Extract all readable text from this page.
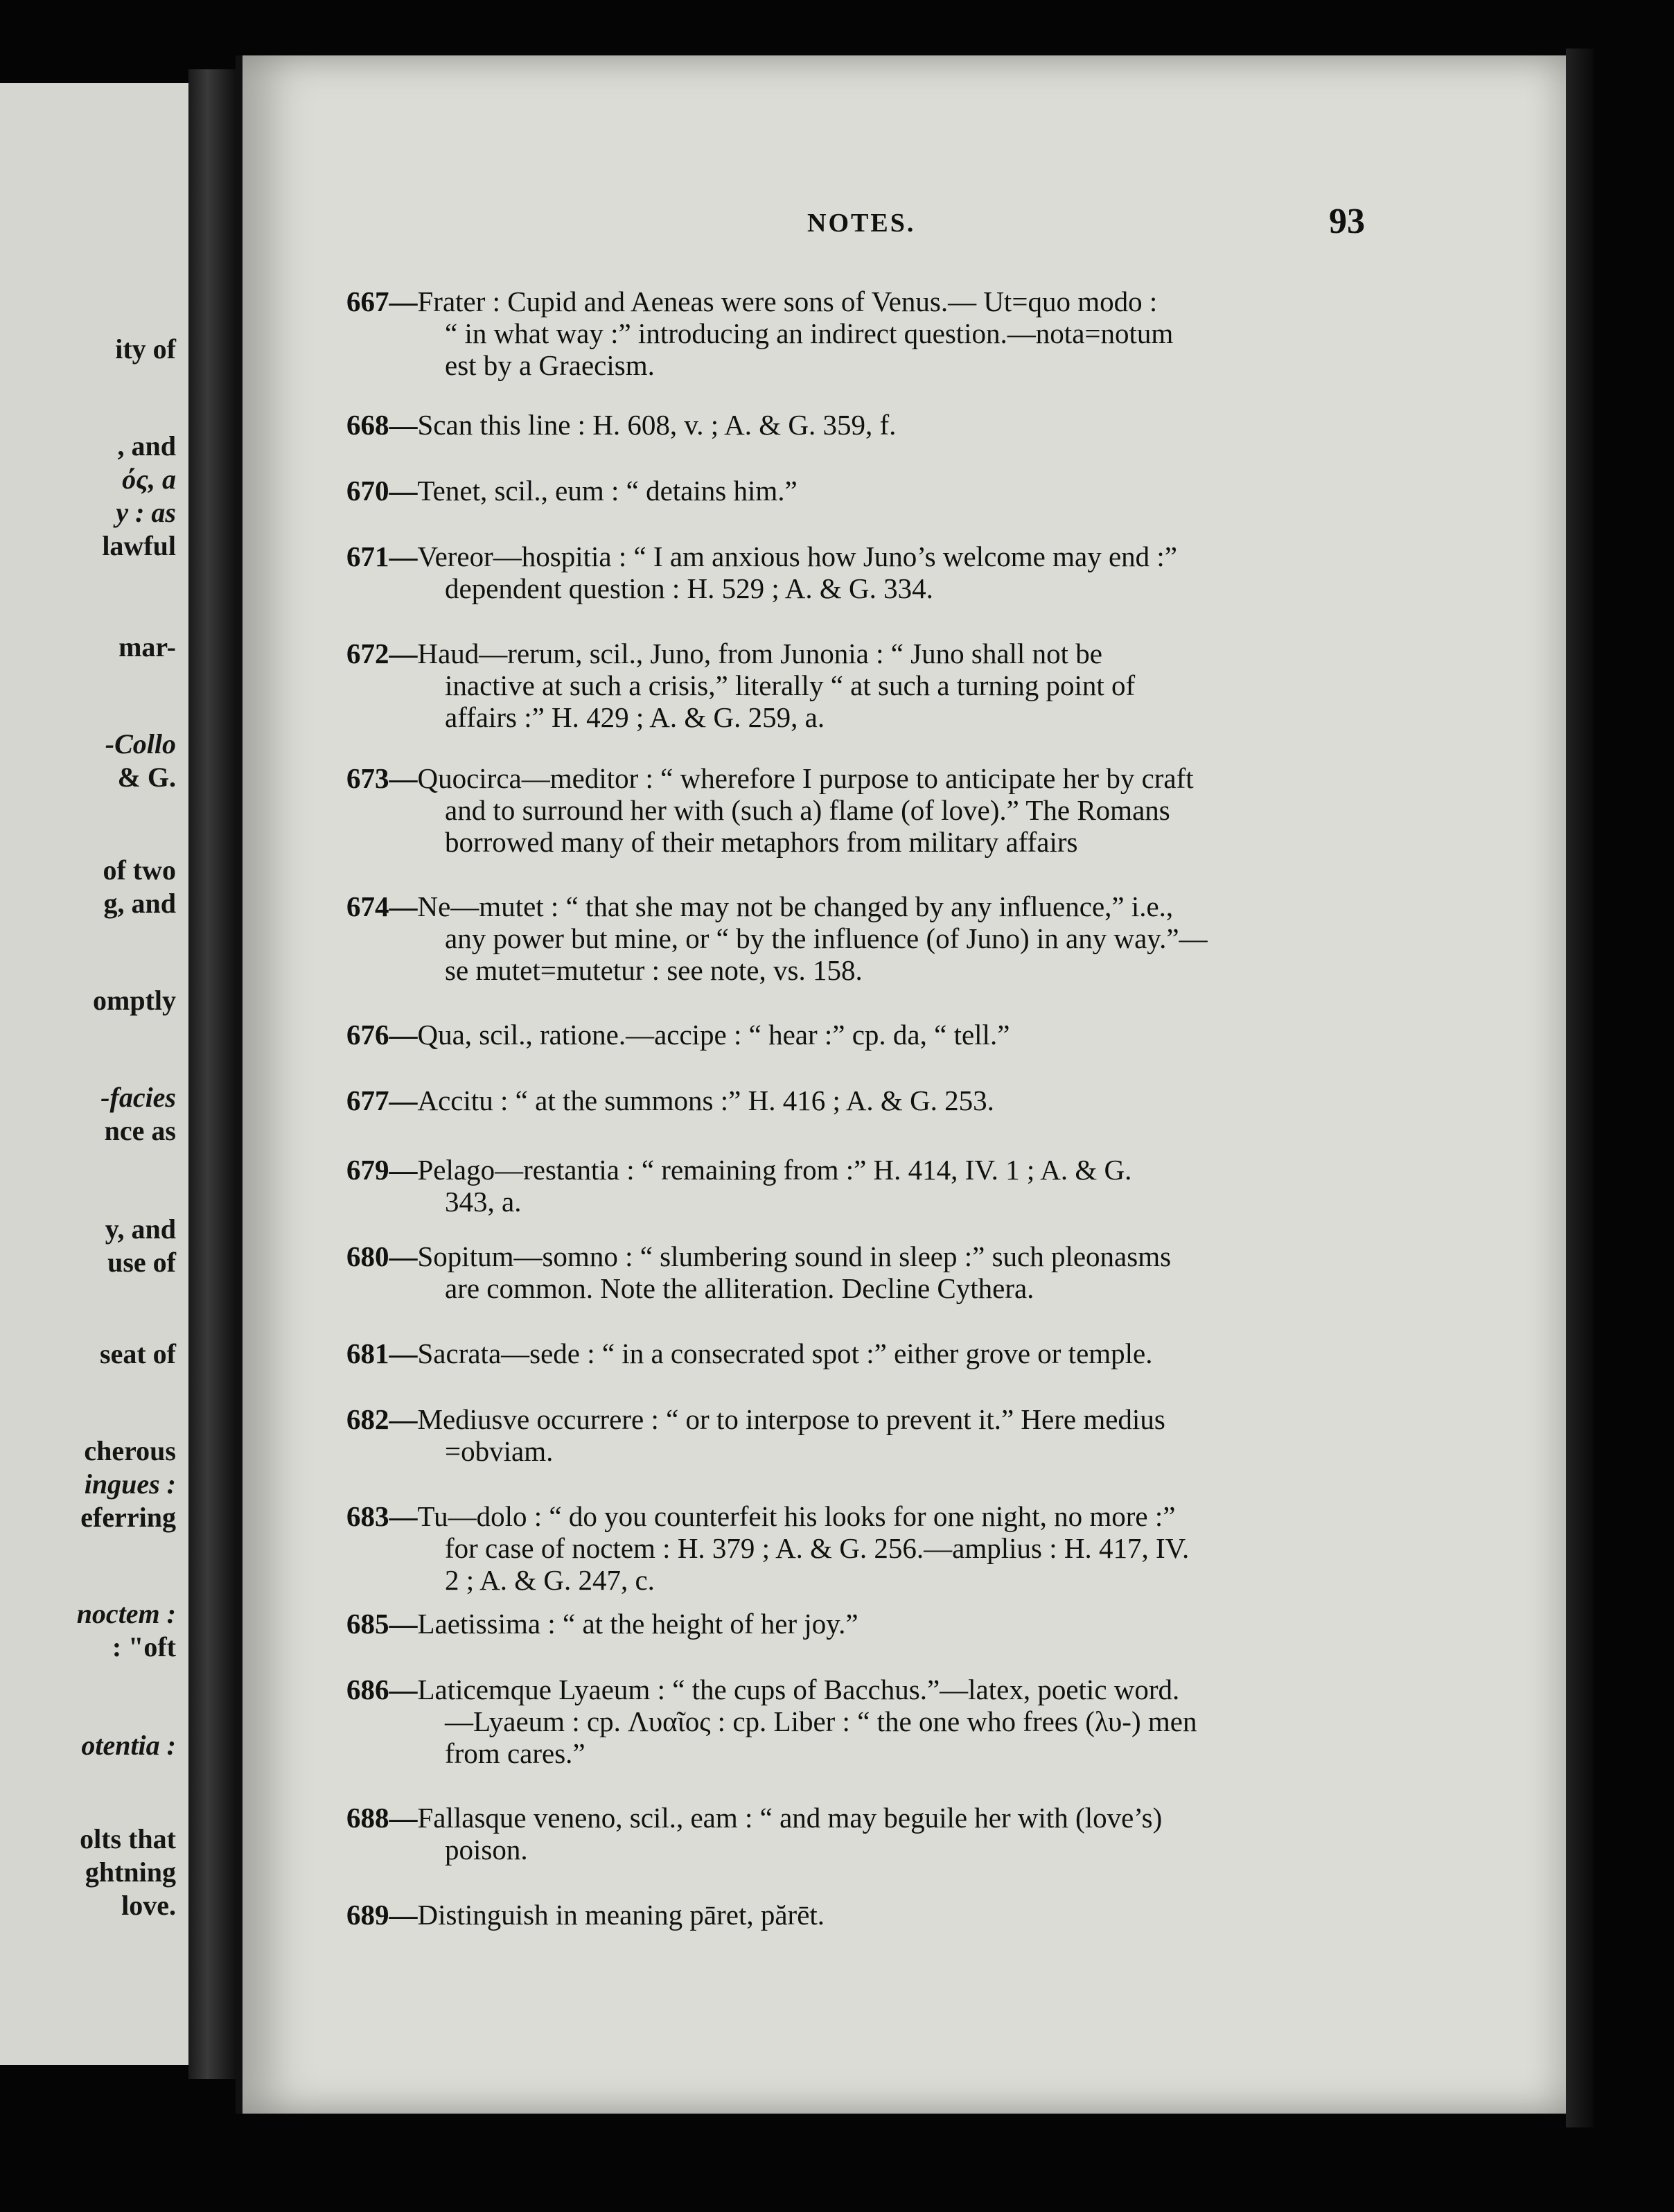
ity of
, and
ός, a
y : as
lawful
mar-
-Collo
& G.
of two
g, and
omptly
-facies
nce as
y, and
use of
seat of
cherous
ingues :
eferring
noctem :
: "oft
otentia :
olts that
ghtning
love.
NOTES.	93
667—Frater : Cupid and Aeneas were sons of Venus.— Ut=quo modo :
“ in what way :” introducing an indirect question.—nota=notum
est by a Graecism.
668—Scan this line : H. 608, v. ; A. & G. 359, f.
670—Tenet, scil., eum : “ detains him.”
671—Vereor—hospitia : “ I am anxious how Juno’s welcome may end :”
dependent question : H. 529 ; A. & G. 334.
672—Haud—rerum, scil., Juno, from Junonia : “ Juno shall not be
inactive at such a crisis,” literally “ at such a turning point of
affairs :” H. 429 ; A. & G. 259, a.
673—Quocirca—meditor : “ wherefore I purpose to anticipate her by craft
and to surround her with (such a) flame (of love).” The Romans
borrowed many of their metaphors from military affairs
674—Ne—mutet : “ that she may not be changed by any influence,” i.e.,
any power but mine, or “ by the influence (of Juno) in any way.”—
se mutet=mutetur : see note, vs. 158.
676—Qua, scil., ratione.—accipe : “ hear :” cp. da, “ tell.”
677—Accitu : “ at the summons :” H. 416 ; A. & G. 253.
679—Pelago—restantia : “ remaining from :” H. 414, IV. 1 ; A. & G.
343, a.
680—Sopitum—somno : “ slumbering sound in sleep :” such pleonasms
are common. Note the alliteration. Decline Cythera.
681—Sacrata—sede : “ in a consecrated spot :” either grove or temple.
682—Mediusve occurrere : “ or to interpose to prevent it.” Here medius
=obviam.
683—Tu—dolo : “ do you counterfeit his looks for one night, no more :”
for case of noctem : H. 379 ; A. & G. 256.—amplius : H. 417, IV.
2 ; A. & G. 247, c.
685—Laetissima : “ at the height of her joy.”
686—Laticemque Lyaeum : “ the cups of Bacchus.”—latex, poetic word.
—Lyaeum : cp. Λυαῖος : cp. Liber : “ the one who frees (λυ-) men
from cares.”
688—Fallasque veneno, scil., eam : “ and may beguile her with (love’s)
poison.
689—Distinguish in meaning pāret, părēt.
